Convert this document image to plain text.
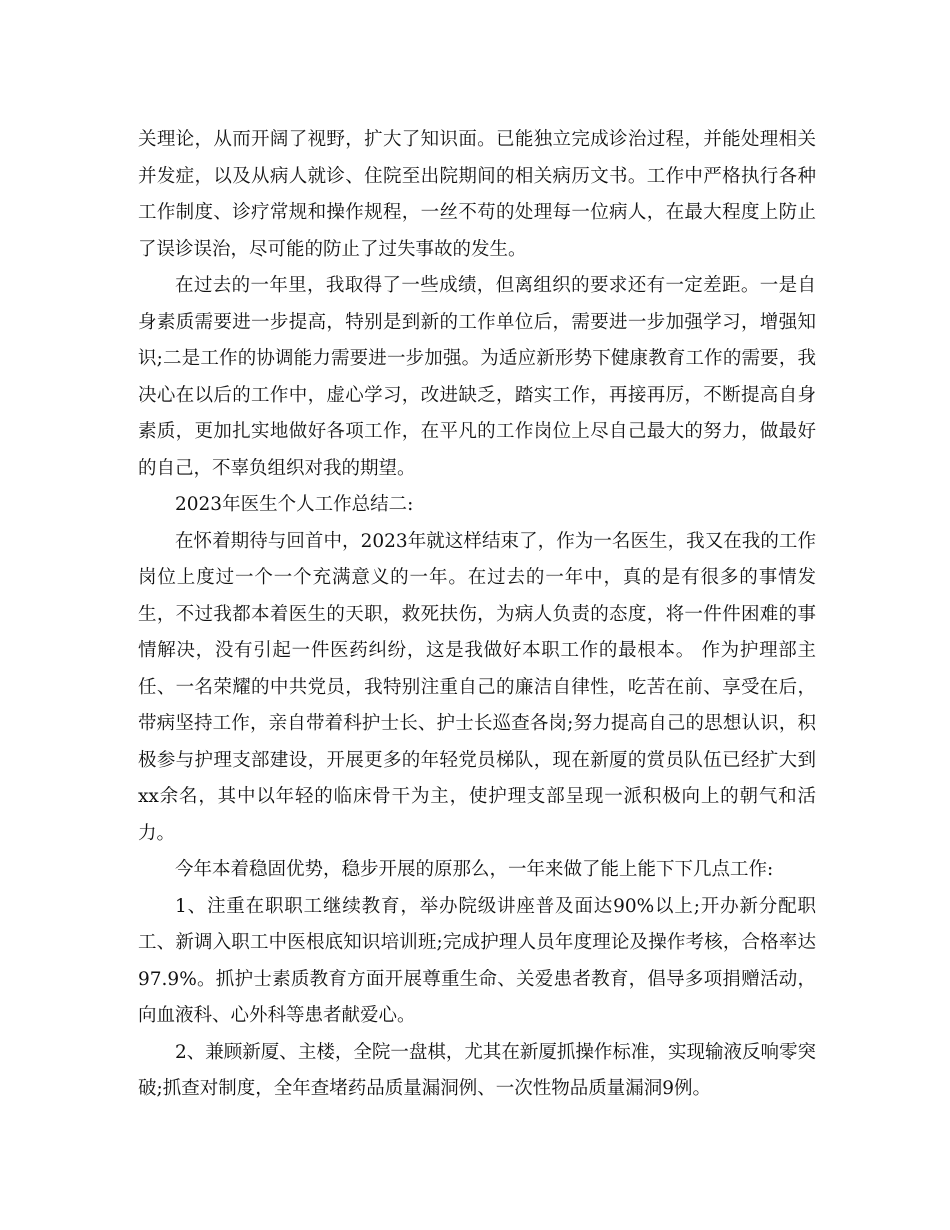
关理论，从而开阔了视野，扩大了知识面。已能独立完成诊治过程，并能处理相关并发症，以及从病人就诊、住院至出院期间的相关病历文书。工作中严格执行各种工作制度、诊疗常规和操作规程，一丝不苟的处理每一位病人，在最大程度上防止了误诊误治，尽可能的防止了过失事故的发生。

在过去的一年里，我取得了一些成绩，但离组织的要求还有一定差距。一是自身素质需要进一步提高，特别是到新的工作单位后，需要进一步加强学习，增强知识;二是工作的协调能力需要进一步加强。为适应新形势下健康教育工作的需要，我决心在以后的工作中，虚心学习，改进缺乏，踏实工作，再接再厉，不断提高自身素质，更加扎实地做好各项工作，在平凡的工作岗位上尽自己最大的努力，做最好的自己，不辜负组织对我的期望。

2023年医生个人工作总结二:

在怀着期待与回首中，2023年就这样结束了，作为一名医生，我又在我的工作岗位上度过一个一个充满意义的一年。在过去的一年中，真的是有很多的事情发生，不过我都本着医生的天职，救死扶伤，为病人负责的态度，将一件件困难的事情解决，没有引起一件医药纠纷，这是我做好本职工作的最根本。 作为护理部主任、一名荣耀的中共党员，我特别注重自己的廉洁自律性，吃苦在前、享受在后，带病坚持工作，亲自带着科护士长、护士长巡查各岗;努力提高自己的思想认识，积极参与护理支部建设，开展更多的年轻党员梯队，现在新厦的赏员队伍已经扩大到xx余名，其中以年轻的临床骨干为主，使护理支部呈现一派积极向上的朝气和活力。

今年本着稳固优势，稳步开展的原那么，一年来做了能上能下下几点工作:

1、注重在职职工继续教育，举办院级讲座普及面达90%以上;开办新分配职工、新调入职工中医根底知识培训班;完成护理人员年度理论及操作考核，合格率达97.9%。抓护士素质教育方面开展尊重生命、关爱患者教育，倡导多项捐赠活动，向血液科、心外科等患者献爱心。

2、兼顾新厦、主楼，全院一盘棋，尤其在新厦抓操作标准，实现输液反响零突破;抓查对制度，全年查堵药品质量漏洞例、一次性物品质量漏洞9例。
